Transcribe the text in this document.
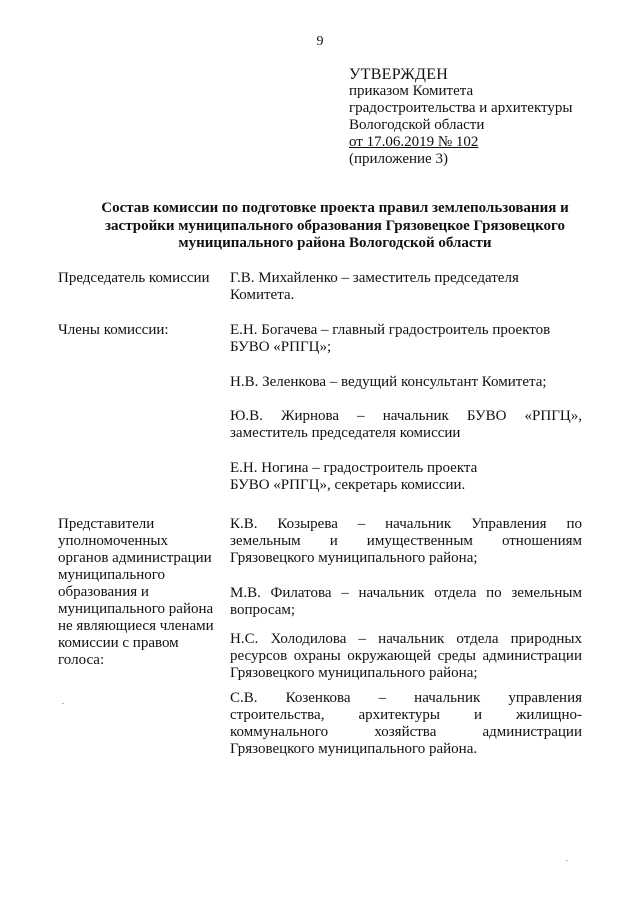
9
УТВЕРЖДЕН
приказом Комитета
градостроительства и архитектуры
Вологодской области
от 17.06.2019 № 102
(приложение 3)
Состав комиссии по подготовке проекта правил землепользования и
застройки муниципального образования Грязовецкое Грязовецкого
муниципального района Вологодской области
Председатель комиссии	Г.В. Михайленко – заместитель председателя
Комитета.
Члены комиссии:	Е.Н. Богачева – главный градостроитель проектов
БУВО «РПГЦ»;
Н.В. Зеленкова – ведущий консультант Комитета;
Ю.В. Жирнова – начальник БУВО «РПГЦ»,
заместитель председателя комиссии
Е.Н. Ногина – градостроитель проекта
БУВО «РПГЦ», секретарь комиссии.
Представители
уполномоченных
органов администрации
муниципального
образования и
муниципального района
не являющиеся членами
комиссии с правом
голоса:
К.В. Козырева – начальник Управления по
земельным и имущественным отношениям
Грязовецкого муниципального района;
М.В. Филатова – начальник отдела по земельным
вопросам;
Н.С. Холодилова – начальник отдела природных
ресурсов охраны окружающей среды администрации
Грязовецкого муниципального района;
С.В. Козенкова – начальник управления
строительства, архитектуры и жилищно-
коммунального хозяйства администрации
Грязовецкого муниципального района.
